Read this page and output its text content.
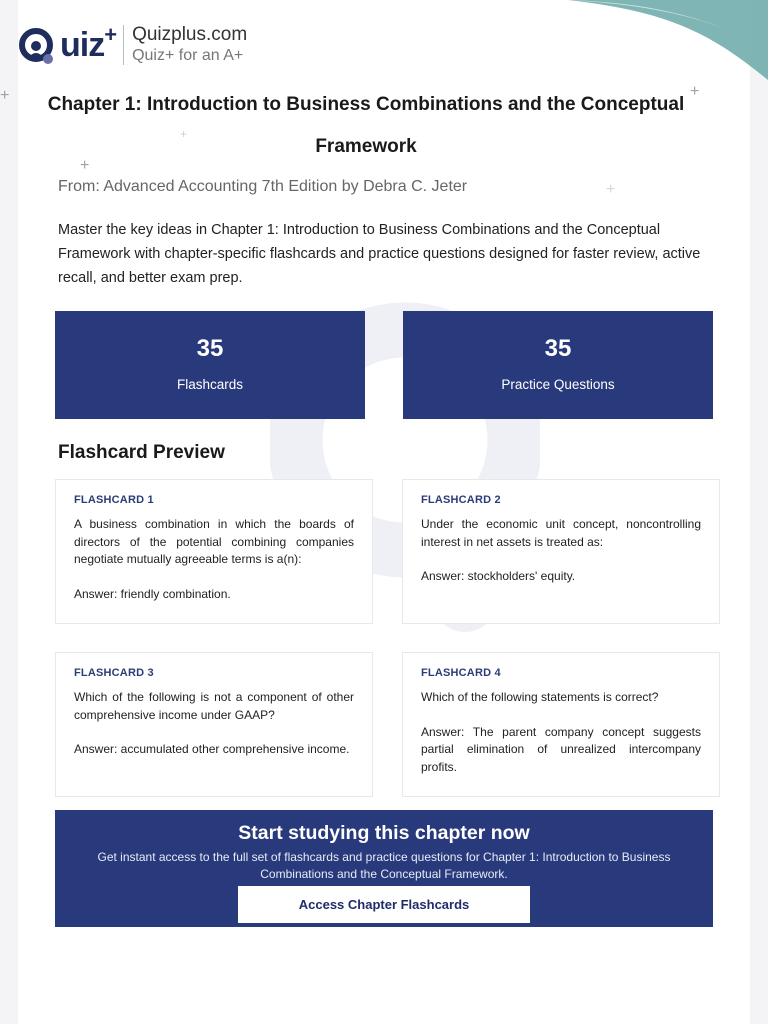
+
+
+
+
+
uiz + Quizplus.com
Quiz+ for an A+
Chapter 1: Introduction to Business Combinations and the Conceptual Framework
From: Advanced Accounting 7th Edition by Debra C. Jeter
Master the key ideas in Chapter 1: Introduction to Business Combinations and the Conceptual Framework with chapter-specific flashcards and practice questions designed for faster review, active recall, and better exam prep.
35
Flashcards
35
Practice Questions
Flashcard Preview
FLASHCARD 1
A business combination in which the boards of directors of the potential combining companies negotiate mutually agreeable terms is a(n):
Answer: friendly combination.
FLASHCARD 2
Under the economic unit concept, noncontrolling interest in net assets is treated as:
Answer: stockholders' equity.
FLASHCARD 3
Which of the following is not a component of other comprehensive income under GAAP?
Answer: accumulated other comprehensive income.
FLASHCARD 4
Which of the following statements is correct?
Answer: The parent company concept suggests partial elimination of unrealized intercompany profits.
Start studying this chapter now
Get instant access to the full set of flashcards and practice questions for Chapter 1: Introduction to Business Combinations and the Conceptual Framework.
Access Chapter Flashcards
